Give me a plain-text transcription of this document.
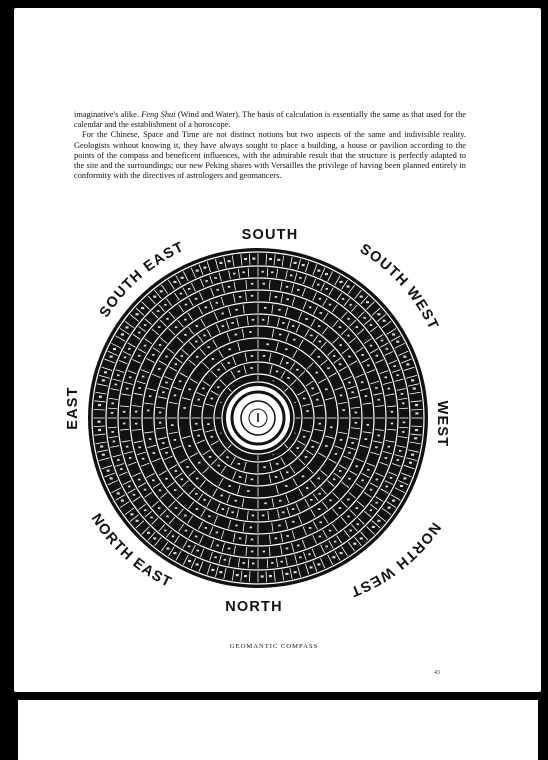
imaginative's alike. Feng Shui (Wind and Water). The basis of calculation is essentially the same as that used for the calendar and the establishment of a horoscope.

For the Chinese, Space and Time are not distinct notions but two aspects of the same and indivisible reality. Geologists without knowing it, they have always sought to place a building, a house or pavilion according to the points of the compass and beneficent influences, with the admirable result that the structure is perfectly adapted to the site and the surroundings; our new Peking shares with Versailles the privilege of having been planned entirely in conformity with the directives of astrologers and geomancers.

SOUTH
NORTH
EAST	WEST
SOUTH EAST	SOUTH WEST
NORTH WEST
NORTH EAST
GEOMANTIC COMPASS
43
